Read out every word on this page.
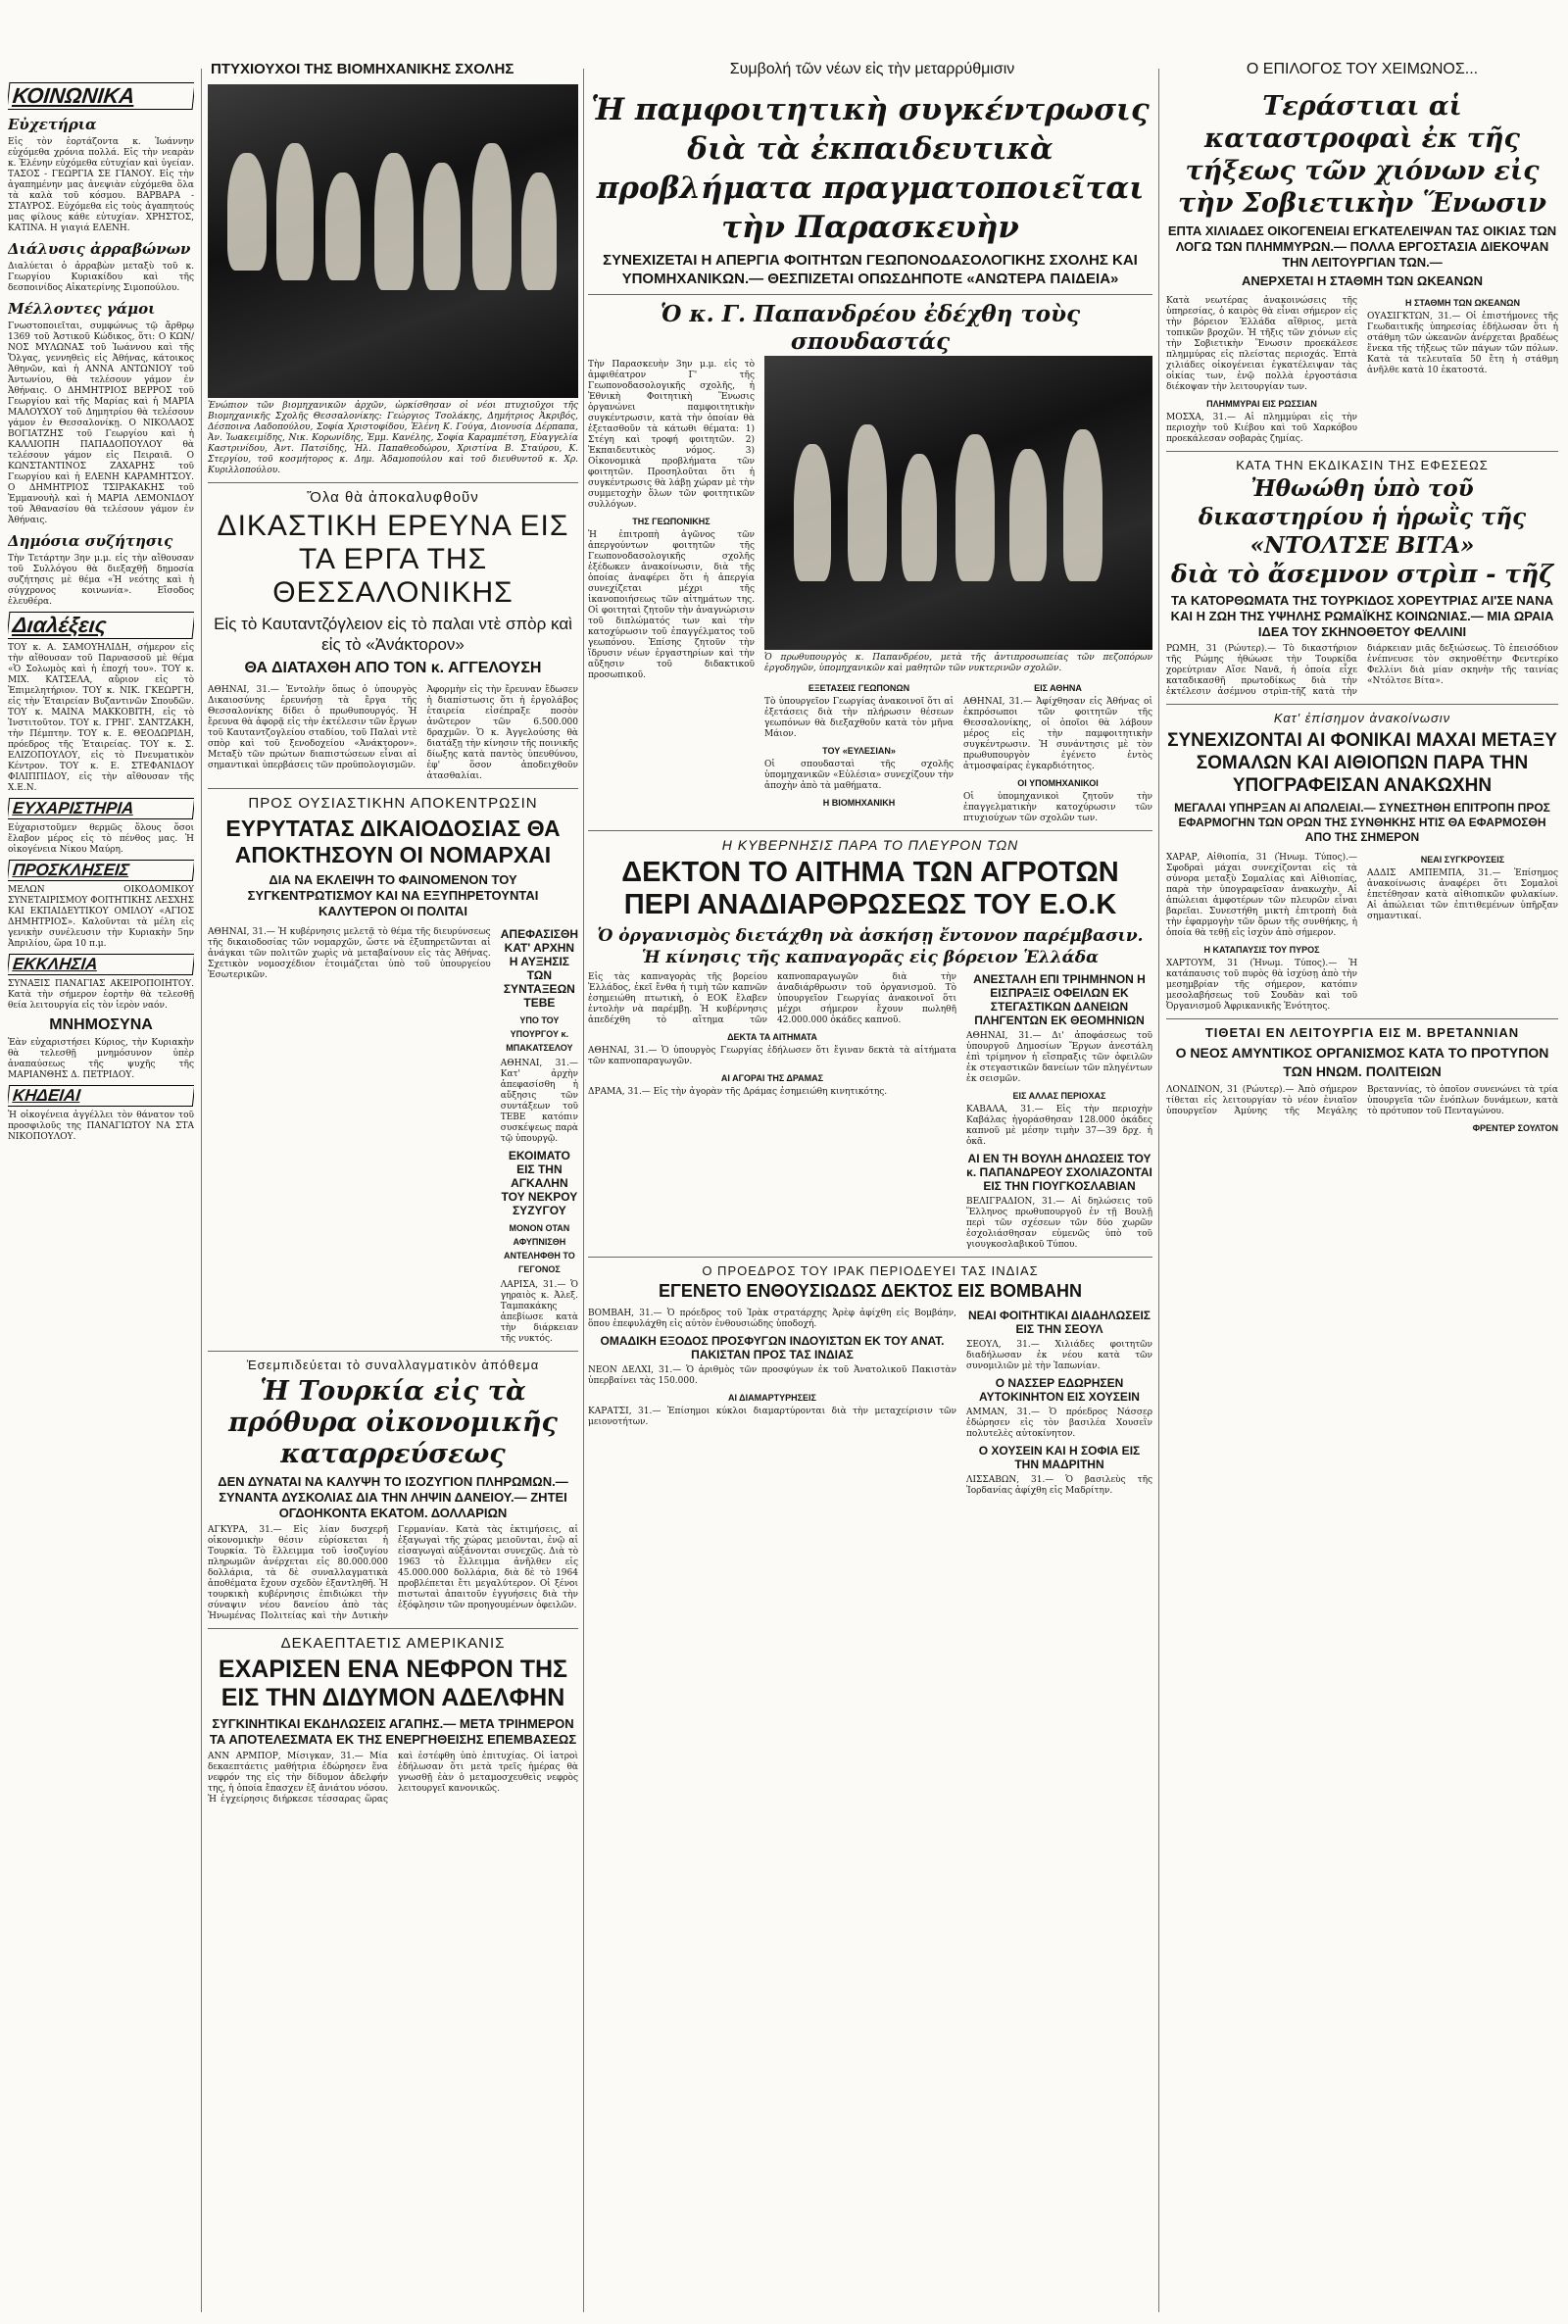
ΠΤΥΧΙΟΥΧΟΙ ΤΗΣ ΒΙΟΜΗΧΑΝΙΚΗΣ ΣΧΟΛΗΣ	Συμβολή τῶν νέων εἰς τὴν μεταρρύθμισιν	Ο ΕΠΙΛΟΓΟΣ ΤΟΥ ΧΕΙΜΩΝΟΣ...
ΚΟΙΝΩΝΙΚΑ
Εὐχετήρια

Εἰς τὸν ἑορτάζοντα κ. Ἰωάννην εὐχόμεθα χρόνια πολλά. Εἰς τὴν νεαρὰν κ. Ἐλένην εὐχόμεθα εὐτυχίαν καὶ ὑγείαν. ΤΑΣΟΣ - ΓΕΩΡΓΙΑ ΣΕ ΓΙΑΝΟΥ. Εἰς τὴν ἀγαπημένην μας ἀνεψιὰν εὐχόμεθα ὅλα τὰ καλὰ τοῦ κόσμου. ΒΑΡΒΑΡΑ - ΣΤΑΥΡΟΣ. Εὐχόμεθα εἰς τοὺς ἀγαπητούς μας φίλους κάθε εὐτυχίαν. ΧΡΗΣΤΟΣ, ΚΑΤΙΝΑ. Η γιαγιά ΕΛΕΝΗ.

Διάλυσις ἀρραβώνων

Διαλύεται ὁ ἀρραβὼν μεταξὺ τοῦ κ. Γεωργίου Κυριακίδου καὶ τῆς δεσποινίδος Αἰκατερίνης Σιμοπούλου.

Μέλλοντες γάμοι

Γνωστοποιεῖται, συμφώνως τῷ ἄρθρῳ 1369 τοῦ Ἀστικοῦ Κώδικος, ὅτι: Ο ΚΩΝ/ΝΟΣ ΜΥΛΩΝΑΣ τοῦ Ἰωάννου καὶ τῆς Ὄλγας, γεννηθεὶς εἰς Ἀθήνας, κάτοικος Ἀθηνῶν, καὶ ἡ ΑΝΝΑ ΑΝΤΩΝΙΟΥ τοῦ Ἀντωνίου, θὰ τελέσουν γάμον ἐν Ἀθήναις. Ο ΔΗΜΗΤΡΙΟΣ ΒΕΡΡΟΣ τοῦ Γεωργίου καὶ τῆς Μαρίας καὶ ἡ ΜΑΡΙΑ ΜΑΛΟΥΧΟΥ τοῦ Δημητρίου θὰ τελέσουν γάμον ἐν Θεσσαλονίκῃ. Ο ΝΙΚΟΛΑΟΣ ΒΟΓΙΑΤΖΗΣ τοῦ Γεωργίου καὶ ἡ ΚΑΛΛΙΟΠΗ ΠΑΠΑΔΟΠΟΥΛΟΥ θὰ τελέσουν γάμον εἰς Πειραιᾶ. Ο ΚΩΝΣΤΑΝΤΙΝΟΣ ΖΑΧΑΡΗΣ τοῦ Γεωργίου καὶ ἡ ΕΛΕΝΗ ΚΑΡΑΜΗΤΣΟΥ. Ο ΔΗΜΗΤΡΙΟΣ ΤΣΙΡΑΚΑΚΗΣ τοῦ Ἐμμανουὴλ καὶ ἡ ΜΑΡΙΑ ΛΕΜΟΝΙΔΟΥ τοῦ Ἀθανασίου θὰ τελέσουν γάμον ἐν Ἀθήναις.

Δημόσια συζήτησις

Τὴν Τετάρτην 3ην μ.μ. εἰς τὴν αἴθουσαν τοῦ Συλλόγου θὰ διεξαχθῇ δημοσία συζήτησις μὲ θέμα «Ἡ νεότης καὶ ἡ σύγχρονος κοινωνία». Εἴσοδος ἐλευθέρα.

Διαλέξεις

ΤΟΥ κ. Α. ΣΑΜΟΥΗΛΙΔΗ, σήμερον εἰς τὴν αἴθουσαν τοῦ Παρνασσοῦ μὲ θέμα «Ὁ Σολωμὸς καὶ ἡ ἐποχή του». ΤΟΥ κ. ΜΙΧ. ΚΑΤΣΕΛΑ, αὔριον εἰς τὸ Ἐπιμελητήριον. ΤΟΥ κ. ΝΙΚ. ΓΚΕΩΡΓΗ, εἰς τὴν Ἑταιρείαν Βυζαντινῶν Σπουδῶν. ΤΟΥ κ. ΜΑΙΝΑ ΜΑΚΚΟΒΙΤΗ, εἰς τὸ Ἰνστιτοῦτον. ΤΟΥ κ. ΓΡΗΓ. ΣΑΝΤΖΑΚΗ, τὴν Πέμπτην. ΤΟΥ κ. Ε. ΘΕΟΔΩΡΙΔΗ, πρόεδρος τῆς Ἑταιρείας. ΤΟΥ κ. Σ. ΕΛΙΖΟΠΟΥΛΟΥ, εἰς τὸ Πνευματικὸν Κέντρον. ΤΟΥ κ. Ε. ΣΤΕΦΑΝΙΔΟΥ ΦΙΛΙΠΠΙΔΟΥ, εἰς τὴν αἴθουσαν τῆς Χ.Ε.Ν.

ΕΥΧΑΡΙΣΤΗΡΙΑ

Εὐχαριστοῦμεν θερμῶς ὅλους ὅσοι ἔλαβον μέρος εἰς τὸ πένθος μας. Ἡ οἰκογένεια Νίκου Μαύρη.

ΠΡΟΣΚΛΗΣΕΙΣ

ΜΕΛΩΝ ΟΙΚΟΔΟΜΙΚΟΥ ΣΥΝΕΤΑΙΡΙΣΜΟΥ ΦΟΙΤΗΤΙΚΗΣ ΛΕΣΧΗΣ ΚΑΙ ΕΚΠΑΙΔΕΥΤΙΚΟΥ ΟΜΙΛΟΥ «ΑΓΙΟΣ ΔΗΜΗΤΡΙΟΣ». Καλοῦνται τὰ μέλη εἰς γενικὴν συνέλευσιν τὴν Κυριακὴν 5ην Ἀπριλίου, ὥρα 10 π.μ.

ΕΚΚΛΗΣΙΑ

ΣΥΝΑΞΙΣ ΠΑΝΑΓΙΑΣ ΑΚΕΙΡΟΠΟΙΗΤΟΥ. Κατὰ τὴν σήμερον ἐορτὴν θὰ τελεσθῇ θεία λειτουργία εἰς τὸν ἱερὸν ναόν.

ΜΝΗΜΟΣΥΝΑ

Ἐὰν εὐχαριστήσει Κύριος, τὴν Κυριακὴν θὰ τελεσθῇ μνημόσυνον ὑπὲρ ἀναπαύσεως τῆς ψυχῆς τῆς ΜΑΡΙΑΝΘΗΣ Δ. ΠΕΤΡΙΔΟΥ.

ΚΗΔΕΙΑΙ

Ἡ οἰκογένεια ἀγγέλλει τὸν θάνατον τοῦ προσφιλοῦς της ΠΑΝΑΓΙΩΤΟΥ ΝΑ ΣΤΑ ΝΙΚΟΠΟΥΛΟΥ.

Ἐνώπιον τῶν βιομηχανικῶν ἀρχῶν, ὡρκίσθησαν οἱ νέοι πτυχιοῦχοι τῆς Βιομηχανικῆς Σχολῆς Θεσσαλονίκης: Γεώργιος Τσολάκης, Δημήτριος Ἀκριβός, Δέσποινα Λαδοπούλου, Σοφία Χριστοφίδου, Ἑλένη Κ. Γούγα, Διονυσία Δέρπαπα, Ἀν. Ἰωακειμίδης, Νικ. Κορωνίδης, Ἐμμ. Κανέλης, Σοφία Καραμπέτση, Εὐαγγελία Καστρινίδου, Ἀντ. Πατσίδης, Ἠλ. Παπαθεοδώρου, Χριστίνα Β. Σταύρου, Κ. Στεργίου, τοῦ κοσμήτορος κ. Δημ. Ἀδαμοπούλου καὶ τοῦ διευθυντοῦ κ. Χρ. Κυριλλοπούλου.

Ὅλα θὰ ἀποκαλυφθοῦν
ΔΙΚΑΣΤΙΚΗ ΕΡΕΥΝΑ ΕΙΣ ΤΑ ΕΡΓΑ ΤΗΣ ΘΕΣΣΑΛΟΝΙΚΗΣ
Εἰς τὸ Καυταντζόγλειον εἰς τὸ παλαι ντὲ σπὸρ καὶ εἰς τὸ «Ἀνάκτορον»
ΘΑ ΔΙΑΤΑΧΘΗ ΑΠΟ ΤΟΝ κ. ΑΓΓΕΛΟΥΣΗ

ΑΘΗΝΑΙ, 31.— Ἐντολὴν ὅπως ὁ ὑπουργὸς Δικαιοσύνης ἐρευνήσῃ τὰ ἔργα τῆς Θεσσαλονίκης δίδει ὁ πρωθυπουργός. Ἡ ἔρευνα θὰ ἀφορᾷ εἰς τὴν ἐκτέλεσιν τῶν ἔργων τοῦ Καυταντζογλείου σταδίου, τοῦ Παλαὶ ντὲ σπὸρ καὶ τοῦ ξενοδοχείου «Ἀνάκτορον». Μεταξὺ τῶν πρώτων διαπιστώσεων εἶναι αἱ σημαντικαὶ ὑπερβάσεις τῶν προϋπολογισμῶν.

Ἀφορμὴν εἰς τὴν ἔρευναν ἔδωσεν ἡ διαπίστωσις ὅτι ἡ ἐργολάβος ἑταιρεία εἰσέπραξε ποσὸν ἀνῶτερον τῶν 6.500.000 δραχμῶν. Ὁ κ. Ἀγγελούσης θὰ διατάξῃ τὴν κίνησιν τῆς ποινικῆς δίωξης κατὰ παντὸς ὑπευθύνου, ἐφ' ὅσον ἀποδειχθοῦν ἀτασθαλίαι.

ΠΡΟΣ ΟΥΣΙΑΣΤΙΚΗΝ ΑΠΟΚΕΝΤΡΩΣΙΝ
ΕΥΡΥΤΑΤΑΣ ΔΙΚΑΙΟΔΟΣΙΑΣ ΘΑ ΑΠΟΚΤΗΣΟΥΝ ΟΙ ΝΟΜΑΡΧΑΙ
ΔΙΑ ΝΑ ΕΚΛΕΙΨΗ ΤΟ ΦΑΙΝΟΜΕΝΟΝ ΤΟΥ ΣΥΓΚΕΝΤΡΩΤΙΣΜΟΥ ΚΑΙ ΝΑ ΕΞΥΠΗΡΕΤΟΥΝΤΑΙ ΚΑΛΥΤΕΡΟΝ ΟΙ ΠΟΛΙΤΑΙ

ΑΘΗΝΑΙ, 31.— Ἡ κυβέρνησις μελετᾷ τὸ θέμα τῆς διευρύνσεως τῆς δικαιοδοσίας τῶν νομαρχῶν, ὥστε νὰ ἐξυπηρετῶνται αἱ ἀνάγκαι τῶν πολιτῶν χωρὶς νὰ μεταβαίνουν εἰς τὰς Ἀθήνας. Σχετικὸν νομοσχέδιον ἑτοιμάζεται ὑπὸ τοῦ ὑπουργείου Ἐσωτερικῶν.

ΑΠΕΦΑΣΙΣΘΗ ΚΑΤ' ΑΡΧΗΝ Η ΑΥΞΗΣΙΣ ΤΩΝ ΣΥΝΤΑΞΕΩΝ ΤΕΒΕ
ΥΠΟ ΤΟΥ ΥΠΟΥΡΓΟΥ κ. ΜΠΑΚΑΤΣΕΛΟΥ

ΑΘΗΝΑΙ, 31.— Κατ' ἀρχὴν ἀπεφασίσθη ἡ αὔξησις τῶν συντάξεων τοῦ ΤΕΒΕ κατόπιν συσκέψεως παρὰ τῷ ὑπουργῷ.

ΕΚΟΙΜΑΤΟ ΕΙΣ ΤΗΝ ΑΓΚΑΛΗΝ ΤΟΥ ΝΕΚΡΟΥ ΣΥΖΥΓΟΥ
ΜΟΝΟΝ ΟΤΑΝ ΑΦΥΠΝΙΣΘΗ ΑΝΤΕΛΗΦΘΗ ΤΟ ΓΕΓΟΝΟΣ

ΛΑΡΙΣΑ, 31.— Ὁ γηραιὸς κ. Ἀλεξ. Ταμπακάκης ἀπεβίωσε κατὰ τὴν διάρκειαν τῆς νυκτός.

Ἐσεμπιδεύεται τὸ συναλλαγματικὸν ἀπόθεμα
Ἡ Τουρκία εἰς τὰ πρόθυρα οἰκονομικῆς καταρρεύσεως
ΔΕΝ ΔΥΝΑΤΑΙ ΝΑ ΚΑΛΥΨΗ ΤΟ ΙΣΟΖΥΓΙΟΝ ΠΛΗΡΩΜΩΝ.— ΣΥΝΑΝΤΑ ΔΥΣΚΟΛΙΑΣ ΔΙΑ ΤΗΝ ΛΗΨΙΝ ΔΑΝΕΙΟΥ.— ΖΗΤΕΙ ΟΓΔΟΗΚΟΝΤΑ ΕΚΑΤΟΜ. ΔΟΛΛΑΡΙΩΝ

ΑΓΚΥΡΑ, 31.— Εἰς λίαν δυσχερῆ οἰκονομικὴν θέσιν εὑρίσκεται ἡ Τουρκία. Τὸ ἔλλειμμα τοῦ ἰσοζυγίου πληρωμῶν ἀνέρχεται εἰς 80.000.000 δολλάρια, τὰ δὲ συναλλαγματικὰ ἀποθέματα ἔχουν σχεδὸν ἐξαντληθῆ. Ἡ τουρκικὴ κυβέρνησις ἐπιδιώκει τὴν σύναψιν νέου δανείου ἀπὸ τὰς Ἡνωμένας Πολιτείας καὶ τὴν Δυτικὴν Γερμανίαν. Κατὰ τὰς ἐκτιμήσεις, αἱ ἐξαγωγαὶ τῆς χώρας μειοῦνται, ἐνῷ αἱ εἰσαγωγαὶ αὐξάνονται συνεχῶς. Διὰ τὸ 1963 τὸ ἔλλειμμα ἀνῆλθεν εἰς 45.000.000 δολλάρια, διὰ δὲ τὸ 1964 προβλέπεται ἔτι μεγαλύτερον. Οἱ ξένοι πιστωταὶ ἀπαιτοῦν ἐγγυήσεις διὰ τὴν ἐξόφλησιν τῶν προηγουμένων ὀφειλῶν.

ΔΕΚΑΕΠΤΑΕΤΙΣ ΑΜΕΡΙΚΑΝΙΣ
ΕΧΑΡΙΣΕΝ ΕΝΑ ΝΕΦΡΟΝ ΤΗΣ ΕΙΣ ΤΗΝ ΔΙΔΥΜΟΝ ΑΔΕΛΦΗΝ
ΣΥΓΚΙΝΗΤΙΚΑΙ ΕΚΔΗΛΩΣΕΙΣ ΑΓΑΠΗΣ.— ΜΕΤΑ ΤΡΙΗΜΕΡΟΝ ΤΑ ΑΠΟΤΕΛΕΣΜΑΤΑ ΕΚ ΤΗΣ ΕΝΕΡΓΗΘΕΙΣΗΣ ΕΠΕΜΒΑΣΕΩΣ

ΑΝΝ ΑΡΜΠΟΡ, Μίσιγκαν, 31.— Μία δεκαεπτάετις μαθήτρια ἐδώρησεν ἕνα νεφρόν της εἰς τὴν δίδυμον ἀδελφήν της, ἡ ὁποία ἔπασχεν ἐξ ἀνιάτου νόσου. Ἡ ἐγχείρησις διήρκεσε τέσσαρας ὥρας καὶ ἐστέφθη ὑπὸ ἐπιτυχίας. Οἱ ἰατροὶ ἐδήλωσαν ὅτι μετὰ τρεῖς ἡμέρας θὰ γνωσθῇ ἐὰν ὁ μεταμοσχευθεὶς νεφρὸς λειτουργεῖ κανονικῶς.

Ἡ παμφοιτητικὴ συγκέντρωσις διὰ τὰ ἐκπαιδευτικὰ προβλήματα πραγματοποιεῖται τὴν Παρασκευὴν
ΣΥΝΕΧΙΖΕΤΑΙ Η ΑΠΕΡΓΙΑ ΦΟΙΤΗΤΩΝ ΓΕΩΠΟΝΟΔΑΣΟΛΟΓΙΚΗΣ ΣΧΟΛΗΣ ΚΑΙ ΥΠΟΜΗΧΑΝΙΚΩΝ.— ΘΕΣΠΙΖΕΤΑΙ ΟΠΩΣΔΗΠΟΤΕ «ΑΝΩΤΕΡΑ ΠΑΙΔΕΙΑ»
Ὁ κ. Γ. Παπανδρέου ἐδέχθη τοὺς σπουδαστάς

Τὴν Παρασκευὴν 3ην μ.μ. εἰς τὸ ἀμφιθέατρον Γ' τῆς Γεωπονοδασολογικῆς σχολῆς, ἡ Ἐθνικὴ Φοιτητικὴ Ἕνωσις ὀργανώνει παμφοιτητικὴν συγκέντρωσιν, κατὰ τὴν ὁποίαν θὰ ἐξετασθοῦν τὰ κάτωθι θέματα: 1) Στέγη καὶ τροφή φοιτητῶν. 2) Ἐκπαιδευτικὸς νόμος. 3) Οἰκονομικὰ προβλήματα τῶν φοιτητῶν. Προσηλοῦται ὅτι ἡ συγκέντρωσις θὰ λάβῃ χώραν μὲ τὴν συμμετοχὴν ὅλων τῶν φοιτητικῶν συλλόγων.

ΤΗΣ ΓΕΩΠΟΝΙΚΗΣ

Ἡ ἐπιτροπὴ ἀγῶνος τῶν ἀπεργούντων φοιτητῶν τῆς Γεωπονοδασολογικῆς σχολῆς ἐξέδωκεν ἀνακοίνωσιν, διὰ τῆς ὁποίας ἀναφέρει ὅτι ἡ ἀπεργία συνεχίζεται μέχρι τῆς ἱκανοποιήσεως τῶν αἰτημάτων της. Οἱ φοιτηταὶ ζητοῦν τὴν ἀναγνώρισιν τοῦ διπλώματός των καὶ τὴν κατοχύρωσιν τοῦ ἐπαγγέλματος τοῦ γεωπόνου. Ἐπίσης ζητοῦν τὴν ἵδρυσιν νέων ἐργαστηρίων καὶ τὴν αὔξησιν τοῦ διδακτικοῦ προσωπικοῦ.

Ὁ πρωθυπουργὸς κ. Παπανδρέου, μετὰ τῆς ἀντιπροσωπείας τῶν πεζοπόρων ἐργοδηγῶν, ὑπομηχανικῶν καὶ μαθητῶν τῶν νυκτερινῶν σχολῶν.

ΕΞΕΤΑΣΕΙΣ ΓΕΩΠΟΝΩΝ

Τὸ ὑπουργεῖον Γεωργίας ἀνακοινοῖ ὅτι αἱ ἐξετάσεις διὰ τὴν πλήρωσιν θέσεων γεωπόνων θὰ διεξαχθοῦν κατὰ τὸν μῆνα Μάιον.

ΤΟΥ «ΕΥΛΕΣΙΑΝ»

Οἱ σπουδασταὶ τῆς σχολῆς ὑπομηχανικῶν «Εὐλέσια» συνεχίζουν τὴν ἀποχὴν ἀπὸ τὰ μαθήματα.

Η ΒΙΟΜΗΧΑΝΙΚΗ
ΕΙΣ ΑΘΗΝΑ

ΑΘΗΝΑΙ, 31.— Ἀφίχθησαν εἰς Ἀθήνας οἱ ἐκπρόσωποι τῶν φοιτητῶν τῆς Θεσσαλονίκης, οἱ ὁποῖοι θὰ λάβουν μέρος εἰς τὴν παμφοιτητικὴν συγκέντρωσιν. Ἡ συνάντησις μὲ τὸν πρωθυπουργὸν ἐγένετο ἐντὸς ἀτμοσφαίρας ἐγκαρδιότητος.

ΟΙ ΥΠΟΜΗΧΑΝΙΚΟΙ

Οἱ ὑπομηχανικοὶ ζητοῦν τὴν ἐπαγγελματικὴν κατοχύρωσιν τῶν πτυχιούχων τῶν σχολῶν των.

Η ΚΥΒΕΡΝΗΣΙΣ ΠΑΡΑ ΤΟ ΠΛΕΥΡΟΝ ΤΩΝ
ΔΕΚΤΟΝ ΤΟ ΑΙΤΗΜΑ ΤΩΝ ΑΓΡΟΤΩΝ ΠΕΡΙ ΑΝΑΔΙΑΡΘΡΩΣΕΩΣ ΤΟΥ Ε.Ο.Κ
Ὁ ὀργανισμὸς διετάχθη νὰ ἀσκήσῃ ἔντονον παρέμβασιν. Ἡ κίνησις τῆς καπναγορᾶς εἰς βόρειον Ἑλλάδα

Εἰς τὰς καπναγορὰς τῆς βορείου Ἑλλάδος, ἐκεῖ ἔνθα ἡ τιμὴ τῶν καπνῶν ἐσημειώθη πτωτικὴ, ὁ ΕΟΚ ἔλαβεν ἐντολὴν νὰ παρέμβῃ. Ἡ κυβέρνησις ἀπεδέχθη τὸ αἴτημα τῶν καπνοπαραγωγῶν διὰ τὴν ἀναδιάρθρωσιν τοῦ ὀργανισμοῦ. Τὸ ὑπουργεῖον Γεωργίας ἀνακοινοῖ ὅτι μέχρι σήμερον ἔχουν πωληθῆ 42.000.000 ὀκάδες καπνοῦ.

ΔΕΚΤΑ ΤΑ ΑΙΤΗΜΑΤΑ

ΑΘΗΝΑΙ, 31.— Ὁ ὑπουργὸς Γεωργίας ἐδήλωσεν ὅτι ἔγιναν δεκτὰ τὰ αἰτήματα τῶν καπνοπαραγωγῶν.

ΑΙ ΑΓΟΡΑΙ ΤΗΣ ΔΡΑΜΑΣ

ΔΡΑΜΑ, 31.— Εἰς τὴν ἀγορὰν τῆς Δράμας ἐσημειώθη κινητικότης.

ΑΝΕΣΤΑΛΗ ΕΠΙ ΤΡΙΗΜΗΝΟΝ Η ΕΙΣΠΡΑΞΙΣ ΟΦΕΙΛΩΝ ΕΚ ΣΤΕΓΑΣΤΙΚΩΝ ΔΑΝΕΙΩΝ ΠΛΗΓΕΝΤΩΝ ΕΚ ΘΕΟΜΗΝΙΩΝ

ΑΘΗΝΑΙ, 31.— Δι' ἀποφάσεως τοῦ ὑπουργοῦ Δημοσίων Ἔργων ἀνεστάλη ἐπὶ τρίμηνον ἡ εἴσπραξις τῶν ὀφειλῶν ἐκ στεγαστικῶν δανείων τῶν πληγέντων ἐκ σεισμῶν.

ΕΙΣ ΑΛΛΑΣ ΠΕΡΙΟΧΑΣ

ΚΑΒΑΛΑ, 31.— Εἰς τὴν περιοχὴν Καβάλας ἠγοράσθησαν 128.000 ὀκάδες καπνοῦ μὲ μέσην τιμὴν 37—39 δρχ. ἡ ὀκᾶ.

ΑΙ ΕΝ ΤΗ ΒΟΥΛΗ ΔΗΛΩΣΕΙΣ ΤΟΥ κ. ΠΑΠΑΝΔΡΕΟΥ ΣΧΟΛΙΑΖΟΝΤΑΙ ΕΙΣ ΤΗΝ ΓΙΟΥΓΚΟΣΛΑΒΙΑΝ

ΒΕΛΙΓΡΑΔΙΟΝ, 31.— Αἱ δηλώσεις τοῦ Ἕλληνος πρωθυπουργοῦ ἐν τῇ Βουλῇ περὶ τῶν σχέσεων τῶν δύο χωρῶν ἐσχολιάσθησαν εὐμενῶς ὑπὸ τοῦ γιουγκοσλαβικοῦ Τύπου.

Ο ΠΡΟΕΔΡΟΣ ΤΟΥ ΙΡΑΚ ΠΕΡΙΟΔΕΥΕΙ ΤΑΣ ΙΝΔΙΑΣ
ΕΓΕΝΕΤΟ ΕΝΘΟΥΣΙΩΔΩΣ ΔΕΚΤΟΣ ΕΙΣ ΒΟΜΒΑΗΝ

ΒΟΜΒΑΗ, 31.— Ὁ πρόεδρος τοῦ Ἰρὰκ στρατάρχης Ἀρὲφ ἀφίχθη εἰς Βομβάην, ὅπου ἐπεφυλάχθη εἰς αὐτὸν ἐνθουσιώδης ὑποδοχή.

ΟΜΑΔΙΚΗ ΕΞΟΔΟΣ ΠΡΟΣΦΥΓΩΝ ΙΝΔΟΥΙΣΤΩΝ ΕΚ ΤΟΥ ΑΝΑΤ. ΠΑΚΙΣΤΑΝ ΠΡΟΣ ΤΑΣ ΙΝΔΙΑΣ

ΝΕΟΝ ΔΕΛΧΙ, 31.— Ὁ ἀριθμὸς τῶν προσφύγων ἐκ τοῦ Ἀνατολικοῦ Πακιστὰν ὑπερβαίνει τὰς 150.000.

ΑΙ ΔΙΑΜΑΡΤΥΡΗΣΕΙΣ

ΚΑΡΑΤΣΙ, 31.— Ἐπίσημοι κύκλοι διαμαρτύρονται διὰ τὴν μεταχείρισιν τῶν μειονοτήτων.

ΝΕΑΙ ΦΟΙΤΗΤΙΚΑΙ ΔΙΑΔΗΛΩΣΕΙΣ ΕΙΣ ΤΗΝ ΣΕΟΥΛ

ΣΕΟΥΛ, 31.— Χιλιάδες φοιτητῶν διαδήλωσαν ἐκ νέου κατὰ τῶν συνομιλιῶν μὲ τὴν Ἰαπωνίαν.

Ο ΝΑΣΣΕΡ ΕΔΩΡΗΣΕΝ ΑΥΤΟΚΙΝΗΤΟΝ ΕΙΣ ΧΟΥΣΕΙΝ

ΑΜΜΑΝ, 31.— Ὁ πρόεδρος Νάσσερ ἐδώρησεν εἰς τὸν βασιλέα Χουσεῒν πολυτελὲς αὐτοκίνητον.

Ο ΧΟΥΣΕΙΝ ΚΑΙ Η ΣΟΦΙΑ ΕΙΣ ΤΗΝ ΜΑΔΡΙΤΗΝ

ΛΙΣΣΑΒΩΝ, 31.— Ὁ βασιλεὺς τῆς Ἰορδανίας ἀφίχθη εἰς Μαδρίτην.

Τεράστιαι αἱ καταστροφαὶ ἐκ τῆς τήξεως τῶν χιόνων εἰς τὴν Σοβιετικὴν Ἕνωσιν
ΕΠΤΑ ΧΙΛΙΑΔΕΣ ΟΙΚΟΓΕΝΕΙΑΙ ΕΓΚΑΤΕΛΕΙΨΑΝ ΤΑΣ ΟΙΚΙΑΣ ΤΩΝ ΛΟΓΩ ΤΩΝ ΠΛΗΜΜΥΡΩΝ.— ΠΟΛΛΑ ΕΡΓΟΣΤΑΣΙΑ ΔΙΕΚΟΨΑΝ ΤΗΝ ΛΕΙΤΟΥΡΓΙΑΝ ΤΩΝ.—
ΑΝΕΡΧΕΤΑΙ Η ΣΤΑΘΜΗ ΤΩΝ ΩΚΕΑΝΩΝ

Κατὰ νεωτέρας ἀνακοινώσεις τῆς ὑπηρεσίας, ὁ καιρὸς θὰ εἶναι σήμερον εἰς τὴν βόρειον Ἑλλάδα αἴθριος, μετὰ τοπικῶν βροχῶν. Ἡ τῆξις τῶν χιόνων εἰς τὴν Σοβιετικὴν Ἕνωσιν προεκάλεσε πλημμύρας εἰς πλείστας περιοχάς. Ἑπτὰ χιλιάδες οἰκογένειαι ἐγκατέλειψαν τὰς οἰκίας των, ἐνῷ πολλὰ ἐργοστάσια διέκοψαν τὴν λειτουργίαν των.

ΠΛΗΜΜΥΡΑΙ ΕΙΣ ΡΩΣΣΙΑΝ

ΜΟΣΧΑ, 31.— Αἱ πλημμύραι εἰς τὴν περιοχὴν τοῦ Κιέβου καὶ τοῦ Χαρκόβου προεκάλεσαν σοβαρὰς ζημίας.

Η ΣΤΑΘΜΗ ΤΩΝ ΩΚΕΑΝΩΝ

ΟΥΑΣΙΓΚΤΩΝ, 31.— Οἱ ἐπιστήμονες τῆς Γεωδαιτικῆς ὑπηρεσίας ἐδήλωσαν ὅτι ἡ στάθμη τῶν ὠκεανῶν ἀνέρχεται βραδέως ἕνεκα τῆς τήξεως τῶν πάγων τῶν πόλων. Κατὰ τὰ τελευταῖα 50 ἔτη ἡ στάθμη ἀνῆλθε κατὰ 10 ἑκατοστά.

ΚΑΤΑ ΤΗΝ ΕΚΔΙΚΑΣΙΝ ΤΗΣ ΕΦΕΣΕΩΣ
Ἠθωώθη ὑπὸ τοῦ δικαστηρίου ἡ ἡρωῒς τῆς «ΝΤΟΛΤΣΕ ΒΙΤΑ»
διὰ τὸ ἄσεμνον στρὶπ - τῆζ
ΤΑ ΚΑΤΟΡΘΩΜΑΤΑ ΤΗΣ ΤΟΥΡΚΙΔΟΣ ΧΟΡΕΥΤΡΙΑΣ ΑΙ'ΣΕ ΝΑΝΑ ΚΑΙ Η ΖΩΗ ΤΗΣ ΥΨΗΛΗΣ ΡΩΜΑΪΚΗΣ ΚΟΙΝΩΝΙΑΣ.— ΜΙΑ ΩΡΑΙΑ ΙΔΕΑ ΤΟΥ ΣΚΗΝΟΘΕΤΟΥ ΦΕΛΛΙΝΙ

ΡΩΜΗ, 31 (Ρώυτερ).— Τὸ δικαστήριον τῆς Ρώμης ἠθώωσε τὴν Τουρκίδα χορεύτριαν Αἴσε Νανᾶ, ἡ ὁποία εἶχε καταδικασθῆ πρωτοδίκως διὰ τὴν ἐκτέλεσιν ἀσέμνου στρὶπ-τῆζ κατὰ τὴν διάρκειαν μιᾶς δεξιώσεως. Τὸ ἐπεισόδιον ἐνέπνευσε τὸν σκηνοθέτην Φεντερίκο Φελλίνι διὰ μίαν σκηνὴν τῆς ταινίας «Ντόλτσε Βίτα».

Κατ' ἐπίσημον ἀνακοίνωσιν
ΣΥΝΕΧΙΖΟΝΤΑΙ ΑΙ ΦΟΝΙΚΑΙ ΜΑΧΑΙ ΜΕΤΑΞΥ ΣΟΜΑΛΩΝ ΚΑΙ ΑΙΘΙΟΠΩΝ ΠΑΡΑ ΤΗΝ ΥΠΟΓΡΑΦΕΙΣΑΝ ΑΝΑΚΩΧΗΝ
ΜΕΓΑΛΑΙ ΥΠΗΡΞΑΝ ΑΙ ΑΠΩΛΕΙΑΙ.— ΣΥΝΕΣΤΗΘΗ ΕΠΙΤΡΟΠΗ ΠΡΟΣ ΕΦΑΡΜΟΓΗΝ ΤΩΝ ΟΡΩΝ ΤΗΣ ΣΥΝΘΗΚΗΣ ΗΤΙΣ ΘΑ ΕΦΑΡΜΟΣΘΗ ΑΠΟ ΤΗΣ ΣΗΜΕΡΟΝ

ΧΑΡΑΡ, Αἰθιοπία, 31 (Ἡνωμ. Τύπος).— Σφοδραὶ μάχαι συνεχίζονται εἰς τὰ σύνορα μεταξὺ Σομαλίας καὶ Αἰθιοπίας, παρὰ τὴν ὑπογραφεῖσαν ἀνακωχὴν. Αἱ ἀπώλειαι ἀμφοτέρων τῶν πλευρῶν εἶναι βαρεῖαι. Συνεστήθη μικτὴ ἐπιτροπὴ διὰ τὴν ἐφαρμογὴν τῶν ὅρων τῆς συνθήκης, ἡ ὁποία θὰ τεθῇ εἰς ἰσχὺν ἀπὸ σήμερον.

Η ΚΑΤΑΠΑΥΣΙΣ ΤΟΥ ΠΥΡΟΣ

ΧΑΡΤΟΥΜ, 31 (Ἡνωμ. Τύπος).— Ἡ κατάπαυσις τοῦ πυρὸς θὰ ἰσχύσῃ ἀπὸ τὴν μεσημβρίαν τῆς σήμερον, κατόπιν μεσολαβήσεως τοῦ Σουδὰν καὶ τοῦ Ὀργανισμοῦ Ἀφρικανικῆς Ἑνότητος.

ΝΕΑΙ ΣΥΓΚΡΟΥΣΕΙΣ

ΑΔΔΙΣ ΑΜΠΕΜΠΑ, 31.— Ἐπίσημος ἀνακοίνωσις ἀναφέρει ὅτι Σομαλοὶ ἐπετέθησαν κατὰ αἰθιοπικῶν φυλακίων. Αἱ ἀπώλειαι τῶν ἐπιτιθεμένων ὑπῆρξαν σημαντικαί.

ΤΙΘΕΤΑΙ ΕΝ ΛΕΙΤΟΥΡΓΙΑ ΕΙΣ Μ. ΒΡΕΤΑΝΝΙΑΝ
Ο ΝΕΟΣ ΑΜΥΝΤΙΚΟΣ ΟΡΓΑΝΙΣΜΟΣ ΚΑΤΑ ΤΟ ΠΡΟΤΥΠΟΝ ΤΩΝ ΗΝΩΜ. ΠΟΛΙΤΕΙΩΝ

ΛΟΝΔΙΝΟΝ, 31 (Ρώυτερ).— Ἀπὸ σήμερον τίθεται εἰς λειτουργίαν τὸ νέον ἑνιαῖον ὑπουργεῖον Ἀμύνης τῆς Μεγάλης Βρεταννίας, τὸ ὁποῖον συνενώνει τὰ τρία ὑπουργεῖα τῶν ἐνόπλων δυνάμεων, κατὰ τὸ πρότυπον τοῦ Πενταγώνου.

ΦΡΕΝΤΕΡ ΣΟΥΛΤΟΝ
